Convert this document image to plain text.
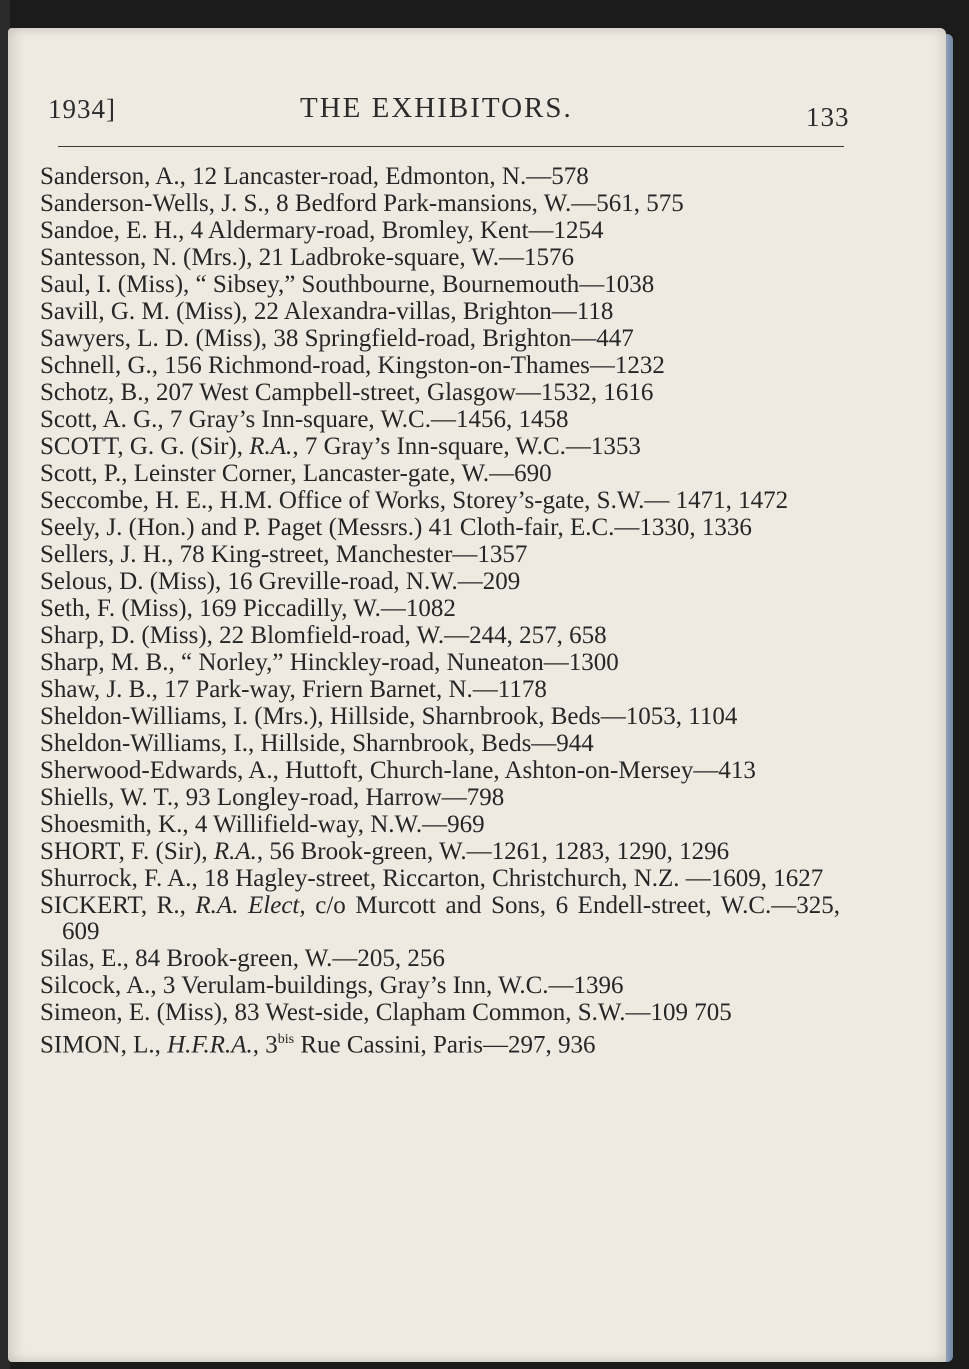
1934]	THE EXHIBITORS.	133

Sanderson, A., 12 Lancaster-road, Edmonton, N.—578

Sanderson-Wells, J. S., 8 Bedford Park-mansions, W.—561, 575

Sandoe, E. H., 4 Aldermary-road, Bromley, Kent—1254

Santesson, N. (Mrs.), 21 Ladbroke-square, W.—1576

Saul, I. (Miss), “ Sibsey,” Southbourne, Bournemouth—1038

Savill, G. M. (Miss), 22 Alexandra-villas, Brighton—118

Sawyers, L. D. (Miss), 38 Springfield-road, Brighton—447

Schnell, G., 156 Richmond-road, Kingston-on-Thames—1232

Schotz, B., 207 West Campbell-street, Glasgow—1532, 1616

Scott, A. G., 7 Gray’s Inn-square, W.C.—1456, 1458

SCOTT, G. G. (Sir), R.A., 7 Gray’s Inn-square, W.C.—1353

Scott, P., Leinster Corner, Lancaster-gate, W.—690

Seccombe, H. E., H.M. Office of Works, Storey’s-gate, S.W.— 1471, 1472

Seely, J. (Hon.) and P. Paget (Messrs.) 41 Cloth-fair, E.C.—1330, 1336

Sellers, J. H., 78 King-street, Manchester—1357

Selous, D. (Miss), 16 Greville-road, N.W.—209

Seth, F. (Miss), 169 Piccadilly, W.—1082

Sharp, D. (Miss), 22 Blomfield-road, W.—244, 257, 658

Sharp, M. B., “ Norley,” Hinckley-road, Nuneaton—1300

Shaw, J. B., 17 Park-way, Friern Barnet, N.—1178

Sheldon-Williams, I. (Mrs.), Hillside, Sharnbrook, Beds—1053, 1104

Sheldon-Williams, I., Hillside, Sharnbrook, Beds—944

Sherwood-Edwards, A., Huttoft, Church-lane, Ashton-on-Mersey—413

Shiells, W. T., 93 Longley-road, Harrow—798

Shoesmith, K., 4 Willifield-way, N.W.—969

SHORT, F. (Sir), R.A., 56 Brook-green, W.—1261, 1283, 1290, 1296

Shurrock, F. A., 18 Hagley-street, Riccarton, Christchurch, N.Z. —1609, 1627

SICKERT, R., R.A. Elect, c/o Murcott and Sons, 6 Endell-street, W.C.—325, 609

Silas, E., 84 Brook-green, W.—205, 256

Silcock, A., 3 Verulam-buildings, Gray’s Inn, W.C.—1396

Simeon, E. (Miss), 83 West-side, Clapham Common, S.W.—109 705

SIMON, L., H.F.R.A., $3^{bis}$ Rue Cassini, Paris—297, 936
